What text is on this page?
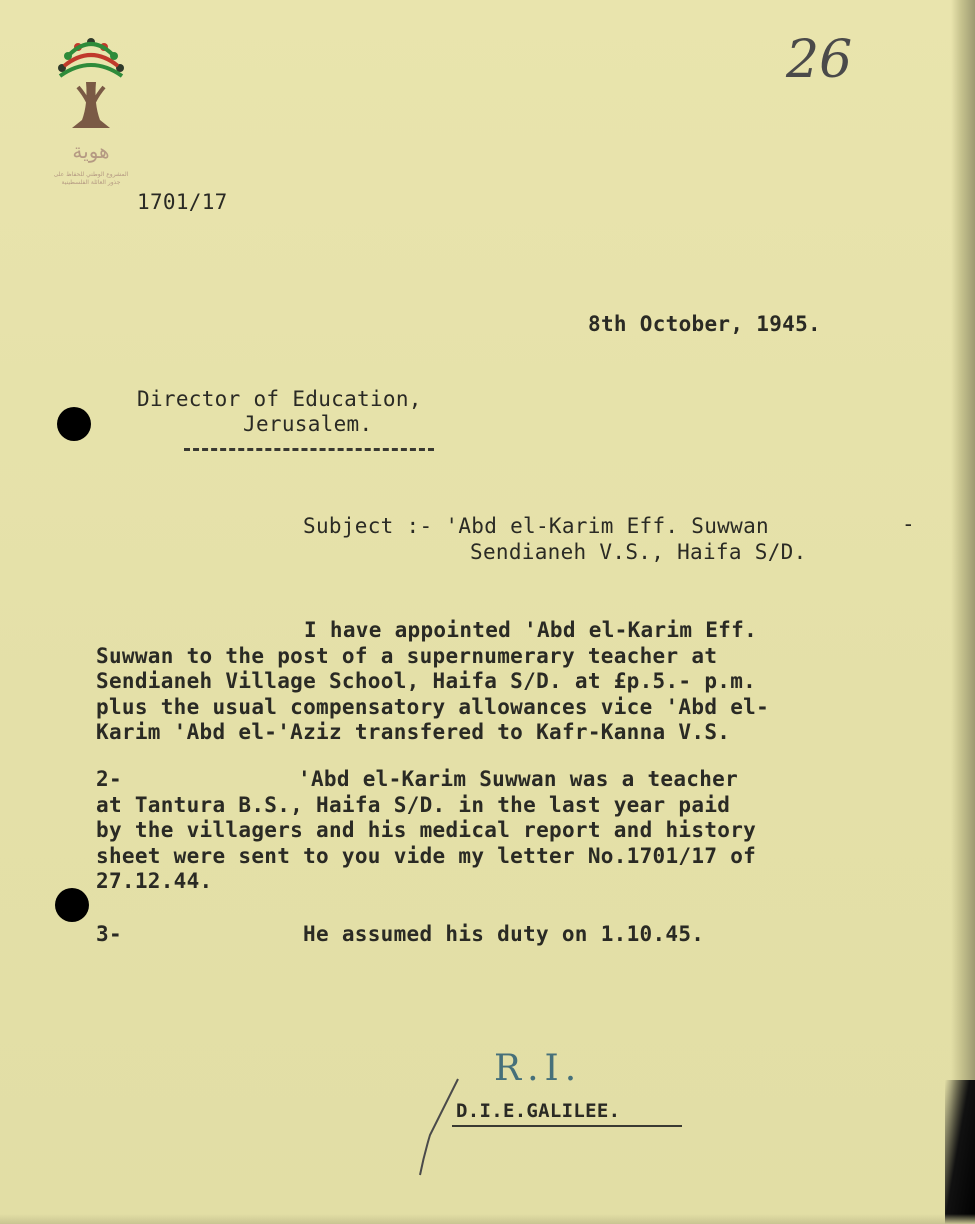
هوية
المشروع الوطني للحفاظ على
جذور العائلة الفلسطينية
26

1701/17

8th October, 1945.

Director of Education,

Jerusalem.

Subject :- 'Abd el-Karim Eff. Suwwan

Sendianeh V.S., Haifa S/D.

-

I have appointed 'Abd el-Karim Eff.
Suwwan to the post of a supernumerary teacher at
Sendianeh Village School, Haifa S/D. at £p.5.- p.m.
plus the usual compensatory allowances vice 'Abd el-
Karim 'Abd el-'Aziz transfered to Kafr-Kanna V.S.

2-	'Abd el-Karim Suwwan was a teacher
at Tantura B.S., Haifa S/D. in the last year paid
by the villagers and his medical report and history
sheet were sent to you vide my letter No.1701/17 of
27.12.44.

3-	He assumed his duty on 1.10.45.

R.I.

D.I.E.GALILEE.
